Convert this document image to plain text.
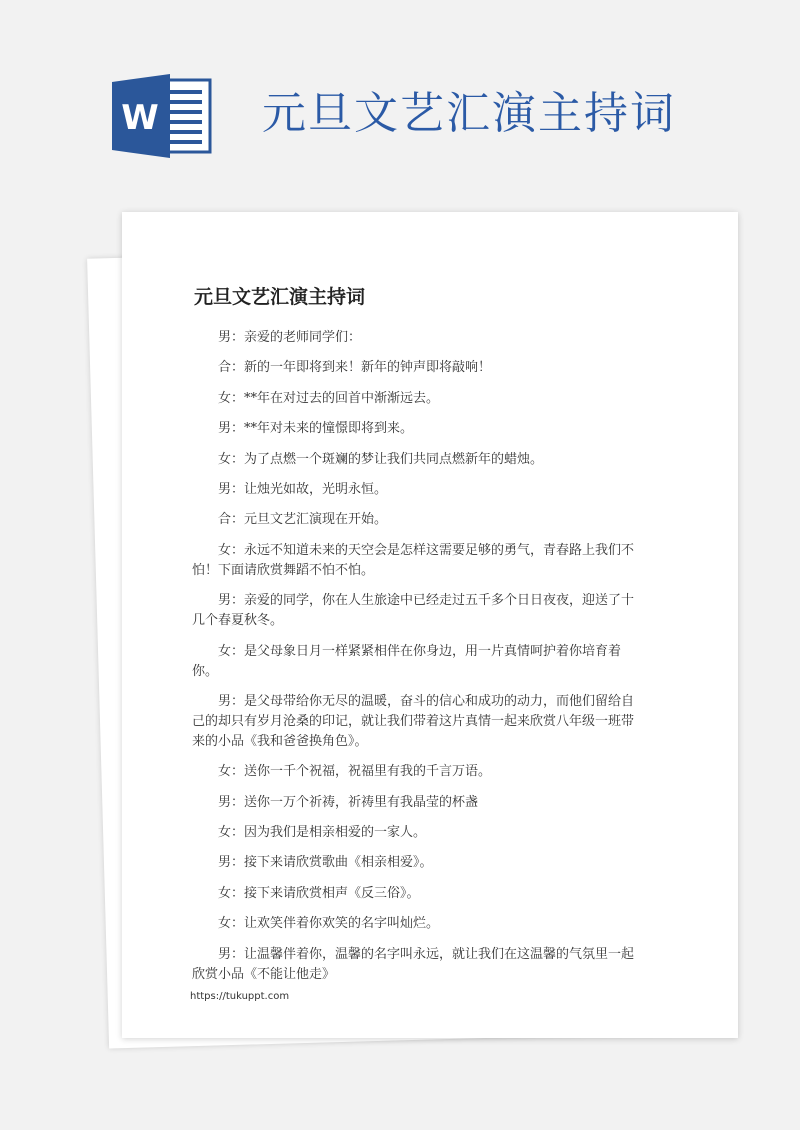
W 元旦文艺汇演主持词
元旦文艺汇演主持词

男：亲爱的老师同学们：

合：新的一年即将到来！新年的钟声即将敲响！

女：**年在对过去的回首中渐渐远去。

男：**年对未来的憧憬即将到来。

女：为了点燃一个斑斓的梦让我们共同点燃新年的蜡烛。

男：让烛光如故，光明永恒。

合：元旦文艺汇演现在开始。

女：永远不知道未来的天空会是怎样这需要足够的勇气，青春路上我们不怕！下面请欣赏舞蹈不怕不怕。

男：亲爱的同学，你在人生旅途中已经走过五千多个日日夜夜，迎送了十几个春夏秋冬。

女：是父母象日月一样紧紧相伴在你身边，用一片真情呵护着你培育着你。

男：是父母带给你无尽的温暖，奋斗的信心和成功的动力，而他们留给自己的却只有岁月沧桑的印记，就让我们带着这片真情一起来欣赏八年级一班带来的小品《我和爸爸换角色》。

女：送你一千个祝福，祝福里有我的千言万语。

男：送你一万个祈祷，祈祷里有我晶莹的杯盏

女：因为我们是相亲相爱的一家人。

男：接下来请欣赏歌曲《相亲相爱》。

女：接下来请欣赏相声《反三俗》。

女：让欢笑伴着你欢笑的名字叫灿烂。

男：让温馨伴着你，温馨的名字叫永远，就让我们在这温馨的气氛里一起欣赏小品《不能让他走》

https://tukuppt.com
